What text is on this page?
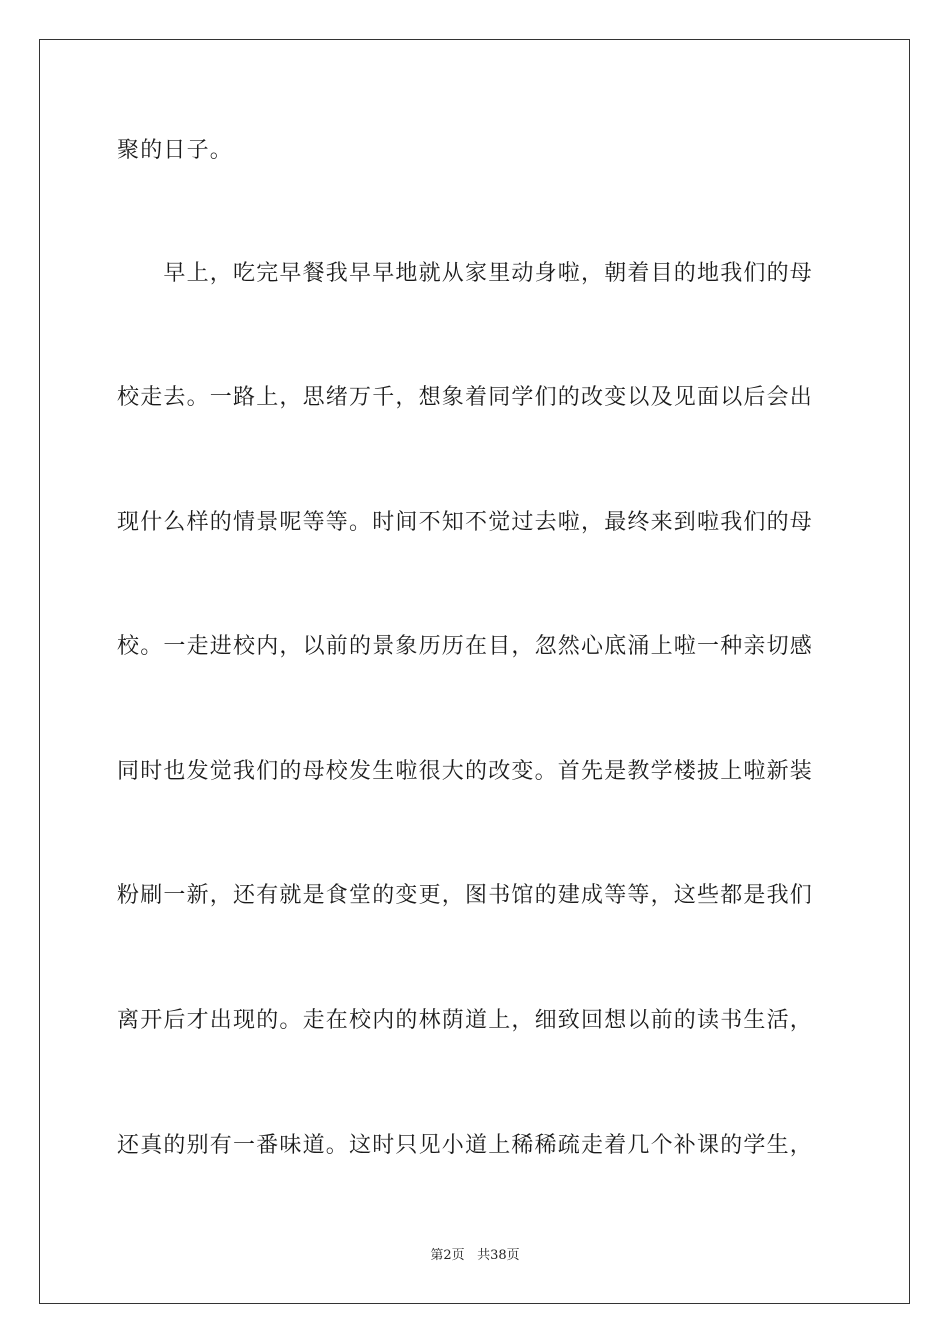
聚的日子。

　　早上，吃完早餐我早早地就从家里动身啦，朝着目的地我们的母

校走去。一路上，思绪万千，想象着同学们的改变以及见面以后会出

现什么样的情景呢等等。时间不知不觉过去啦，最终来到啦我们的母

校。一走进校内，以前的景象历历在目，忽然心底涌上啦一种亲切感

同时也发觉我们的母校发生啦很大的改变。首先是教学楼披上啦新装

粉刷一新，还有就是食堂的变更，图书馆的建成等等，这些都是我们

离开后才出现的。走在校内的林荫道上，细致回想以前的读书生活，

还真的别有一番味道。这时只见小道上稀稀疏走着几个补课的学生，

第2页 共38页
